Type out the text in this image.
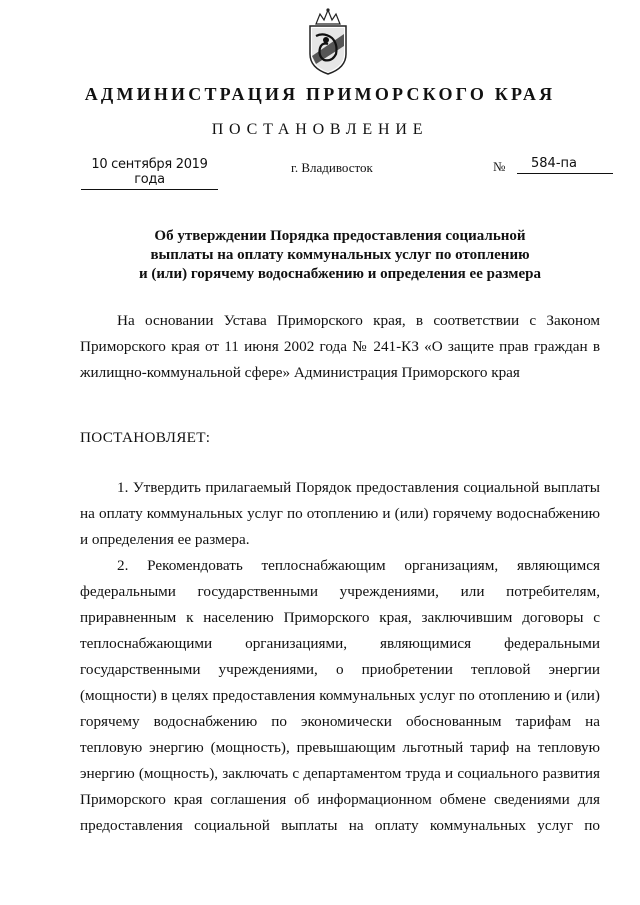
АДМИНИСТРАЦИЯ ПРИМОРСКОГО КРАЯ
ПОСТАНОВЛЕНИЕ
10 сентября 2019 года
г. Владивосток	№	584-па
Об утверждении Порядка предоставления социальной
выплаты на оплату коммунальных услуг по отоплению
и (или) горячему водоснабжению и определения ее размера
На основании Устава Приморского края, в соответствии с Законом
Приморского края от 11 июня 2002 года № 241-КЗ «О защите прав граждан в
жилищно-коммунальной сфере» Администрация Приморского края
ПОСТАНОВЛЯЕТ:
1. Утвердить прилагаемый Порядок предоставления социальной выплаты
на оплату коммунальных услуг по отоплению и (или) горячему водоснабжению
и определения ее размера.
2. Рекомендовать теплоснабжающим организациям, являющимся
федеральными государственными учреждениями, или потребителям,
приравненным к населению Приморского края, заключившим договоры с
теплоснабжающими организациями, являющимися федеральными
государственными учреждениями, о приобретении тепловой энергии
(мощности) в целях предоставления коммунальных услуг по отоплению и (или)
горячему водоснабжению по экономически обоснованным тарифам на
тепловую энергию (мощность), превышающим льготный тариф на тепловую
энергию (мощность), заключать с департаментом труда и социального развития
Приморского края соглашения об информационном обмене сведениями для
предоставления социальной выплаты на оплату коммунальных услуг по
